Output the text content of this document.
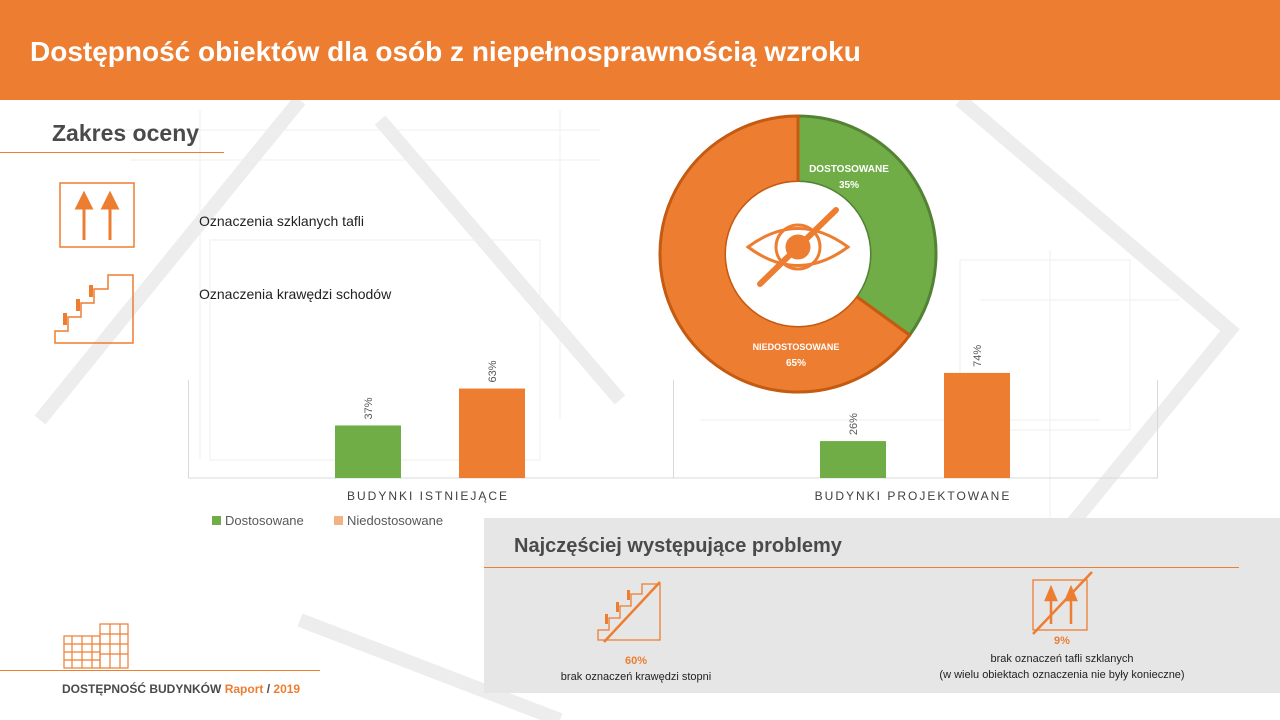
Dostępność obiektów dla osób z niepełnosprawnością wzroku
Zakres oceny
Oznaczenia szklanych tafli
Oznaczenia krawędzi schodów
DOSTOSOWANE
35%
NIEDOSTOSOWANE
65%
37%
63%
26%
74%
BUDYNKI ISTNIEJĄCE	BUDYNKI PROJEKTOWANE
Dostosowane	Niedostosowane
Najczęściej występujące problemy
60%
brak oznaczeń krawędzi stopni
9%
brak oznaczeń tafli szklanych
(w wielu obiektach oznaczenia nie były konieczne)
DOSTĘPNOŚĆ BUDYNKÓW Raport / 2019
